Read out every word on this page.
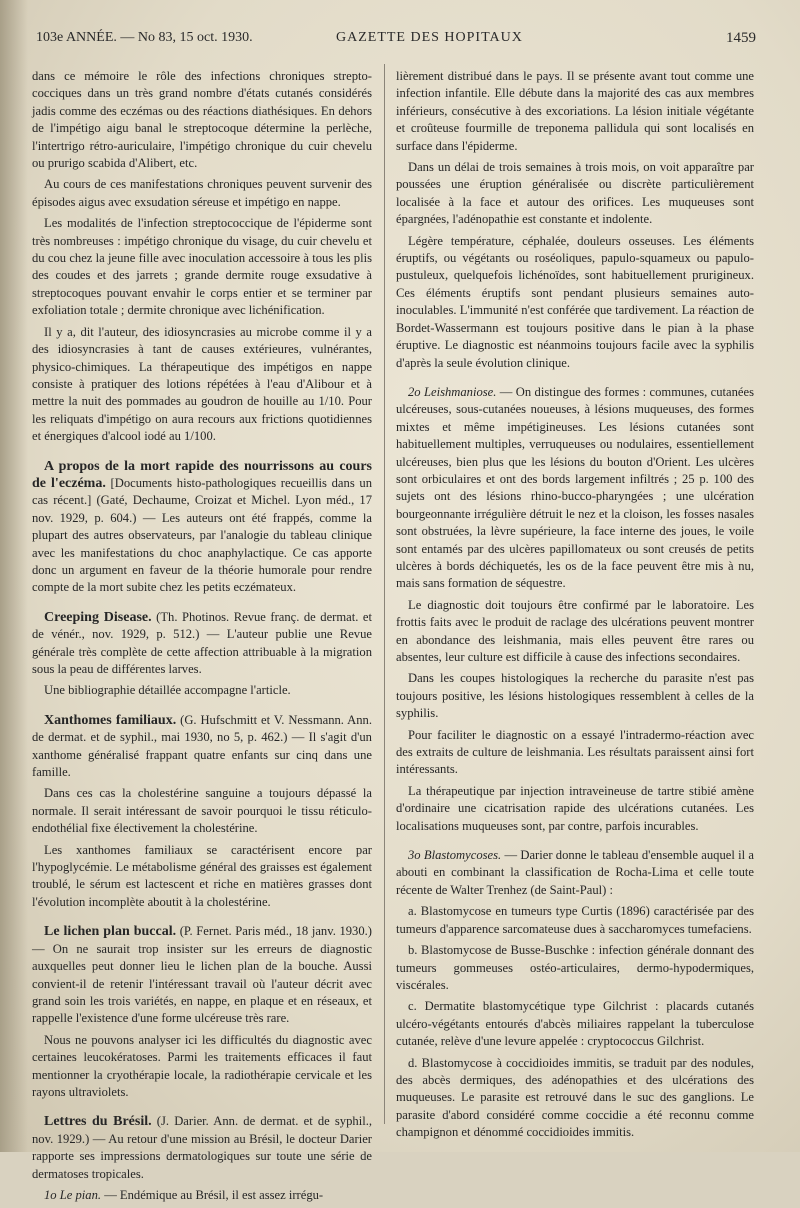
103e ANNÉE. — No 83, 15 oct. 1930.	GAZETTE DES HOPITAUX	1459

dans ce mémoire le rôle des infections chroniques strepto-cocciques dans un très grand nombre d'états cutanés considérés jadis comme des eczémas ou des réactions diathésiques. En dehors de l'impétigo aigu banal le streptocoque détermine la perlèche, l'intertrigo rétro-auriculaire, l'impétigo chronique du cuir chevelu ou prurigo scabida d'Alibert, etc.

Au cours de ces manifestations chroniques peuvent survenir des épisodes aigus avec exsudation séreuse et impétigo en nappe.

Les modalités de l'infection streptococcique de l'épiderme sont très nombreuses : impétigo chronique du visage, du cuir chevelu et du cou chez la jeune fille avec inoculation accessoire à tous les plis des coudes et des jarrets ; grande dermite rouge exsudative à streptocoques pouvant envahir le corps entier et se terminer par exfoliation totale ; dermite chronique avec lichénification.

Il y a, dit l'auteur, des idiosyncrasies au microbe comme il y a des idiosyncrasies à tant de causes extérieures, vulnérantes, physico-chimiques. La thérapeutique des impétigos en nappe consiste à pratiquer des lotions répétées à l'eau d'Alibour et à mettre la nuit des pommades au goudron de houille au 1/10. Pour les reliquats d'impétigo on aura recours aux frictions quotidiennes et énergiques d'alcool iodé au 1/100.

A propos de la mort rapide des nourrissons au cours de l'eczéma. [Documents histo-pathologiques recueillis dans un cas récent.] (Gaté, Dechaume, Croizat et Michel. Lyon méd., 17 nov. 1929, p. 604.) — Les auteurs ont été frappés, comme la plupart des autres observateurs, par l'analogie du tableau clinique avec les manifestations du choc anaphylactique. Ce cas apporte donc un argument en faveur de la théorie humorale pour rendre compte de la mort subite chez les petits eczémateux.

Creeping Disease. (Th. Photinos. Revue franç. de dermat. et de vénér., nov. 1929, p. 512.) — L'auteur publie une Revue générale très complète de cette affection attribuable à la migration sous la peau de différentes larves.

Une bibliographie détaillée accompagne l'article.

Xanthomes familiaux. (G. Hufschmitt et V. Nessmann. Ann. de dermat. et de syphil., mai 1930, no 5, p. 462.) — Il s'agit d'un xanthome généralisé frappant quatre enfants sur cinq dans une famille.

Dans ces cas la cholestérine sanguine a toujours dépassé la normale. Il serait intéressant de savoir pourquoi le tissu réticulo-endothélial fixe électivement la cholestérine.

Les xanthomes familiaux se caractérisent encore par l'hypoglycémie. Le métabolisme général des graisses est également troublé, le sérum est lactescent et riche en matières grasses dont l'évolution incomplète aboutit à la cholestérine.

Le lichen plan buccal. (P. Fernet. Paris méd., 18 janv. 1930.) — On ne saurait trop insister sur les erreurs de diagnostic auxquelles peut donner lieu le lichen plan de la bouche. Aussi convient-il de retenir l'intéressant travail où l'auteur décrit avec grand soin les trois variétés, en nappe, en plaque et en réseaux, et rappelle l'existence d'une forme ulcéreuse très rare.

Nous ne pouvons analyser ici les difficultés du diagnostic avec certaines leucokératoses. Parmi les traitements efficaces il faut mentionner la cryothérapie locale, la radiothérapie cervicale et les rayons ultraviolets.

Lettres du Brésil. (J. Darier. Ann. de dermat. et de syphil., nov. 1929.) — Au retour d'une mission au Brésil, le docteur Darier rapporte ses impressions dermatologiques sur toute une série de dermatoses tropicales.

1o Le pian. — Endémique au Brésil, il est assez irrégu-

lièrement distribué dans le pays. Il se présente avant tout comme une infection infantile. Elle débute dans la majorité des cas aux membres inférieurs, consécutive à des excoriations. La lésion initiale végétante et croûteuse fourmille de treponema pallidula qui sont localisés en surface dans l'épiderme.

Dans un délai de trois semaines à trois mois, on voit apparaître par poussées une éruption généralisée ou discrète particulièrement localisée à la face et autour des orifices. Les muqueuses sont épargnées, l'adénopathie est constante et indolente.

Légère température, céphalée, douleurs osseuses. Les éléments éruptifs, ou végétants ou roséoliques, papulo-squameux ou papulo-pustuleux, quelquefois lichénoïdes, sont habituellement prurigineux. Ces éléments éruptifs sont pendant plusieurs semaines auto-inoculables. L'immunité n'est conférée que tardivement. La réaction de Bordet-Wassermann est toujours positive dans le pian à la phase éruptive. Le diagnostic est néanmoins toujours facile avec la syphilis d'après la seule évolution clinique.

2o Leishmaniose. — On distingue des formes : communes, cutanées ulcéreuses, sous-cutanées noueuses, à lésions muqueuses, des formes mixtes et même impétigineuses. Les lésions cutanées sont habituellement multiples, verruqueuses ou nodulaires, essentiellement ulcéreuses, bien plus que les lésions du bouton d'Orient. Les ulcères sont orbiculaires et ont des bords largement infiltrés ; 25 p. 100 des sujets ont des lésions rhino-bucco-pharyngées ; une ulcération bourgeonnante irrégulière détruit le nez et la cloison, les fosses nasales sont obstruées, la lèvre supérieure, la face interne des joues, le voile sont entamés par des ulcères papillomateux ou sont creusés de petits ulcères à bords déchiquetés, les os de la face peuvent être mis à nu, mais sans formation de séquestre.

Le diagnostic doit toujours être confirmé par le laboratoire. Les frottis faits avec le produit de raclage des ulcérations peuvent montrer en abondance des leishmania, mais elles peuvent être rares ou absentes, leur culture est difficile à cause des infections secondaires.

Dans les coupes histologiques la recherche du parasite n'est pas toujours positive, les lésions histologiques ressemblent à celles de la syphilis.

Pour faciliter le diagnostic on a essayé l'intradermo-réaction avec des extraits de culture de leishmania. Les résultats paraissent ainsi fort intéressants.

La thérapeutique par injection intraveineuse de tartre stibié amène d'ordinaire une cicatrisation rapide des ulcérations cutanées. Les localisations muqueuses sont, par contre, parfois incurables.

3o Blastomycoses. — Darier donne le tableau d'ensemble auquel il a abouti en combinant la classification de Rocha-Lima et celle toute récente de Walter Trenhez (de Saint-Paul) :

a. Blastomycose en tumeurs type Curtis (1896) caractérisée par des tumeurs d'apparence sarcomateuse dues à saccharomyces tumefaciens.

b. Blastomycose de Busse-Buschke : infection générale donnant des tumeurs gommeuses ostéo-articulaires, dermo-hypodermiques, viscérales.

c. Dermatite blastomycétique type Gilchrist : placards cutanés ulcéro-végétants entourés d'abcès miliaires rappelant la tuberculose cutanée, relève d'une levure appelée : cryptococcus Gilchrist.

d. Blastomycose à coccidioides immitis, se traduit par des nodules, des abcès dermiques, des adénopathies et des ulcérations des muqueuses. Le parasite est retrouvé dans le suc des ganglions. Le parasite d'abord considéré comme coccidie a été reconnu comme champignon et dénommé coccidioides immitis.
